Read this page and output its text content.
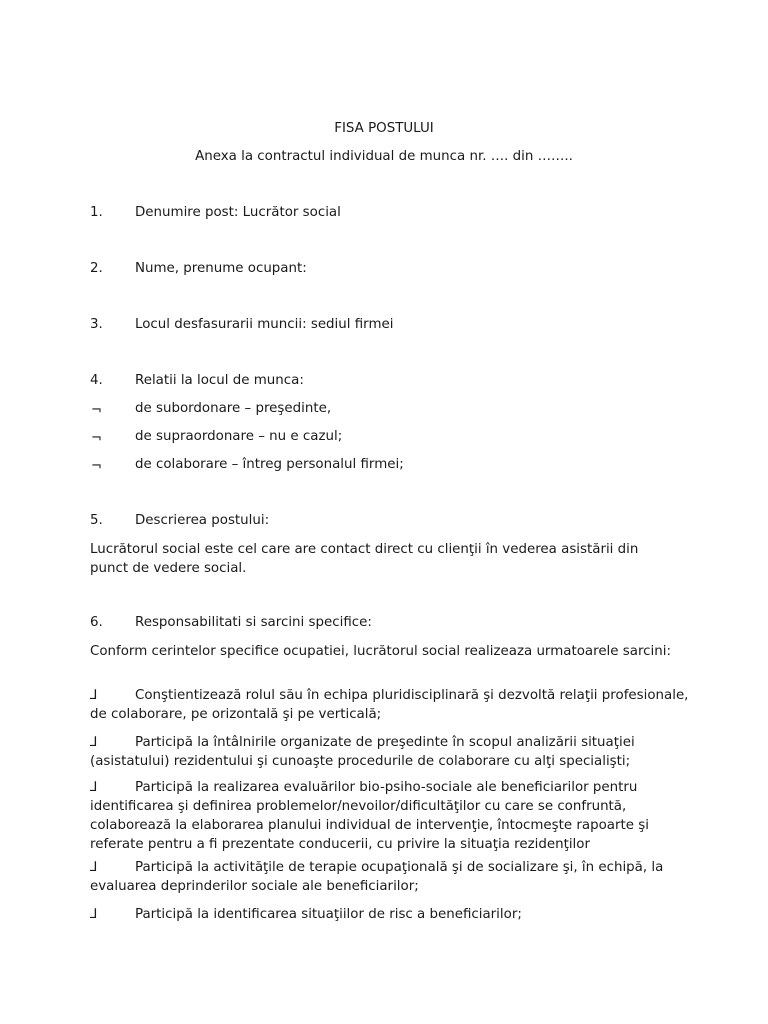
FISA POSTULUI
Anexa la contractul individual de munca nr. …. din ……..
1. Denumire post: Lucrător social
2. Nume, prenume ocupant:
3. Locul desfasurarii muncii: sediul firmei
4. Relatii la locul de munca:
¬ de subordonare – preşedinte,
¬ de supraordonare – nu e cazul;
¬ de colaborare – întreg personalul firmei;
5. Descrierea postului:
Lucrătorul social este cel care are contact direct cu clienţii în vederea asistării din punct de vedere social.
6. Responsabilitati si sarcini specifice:
Conform cerintelor specifice ocupatiei, lucrătorul social realizeaza urmatoarele sarcini:
⅃	Conştientizează rolul său în echipa pluridisciplinară şi dezvoltă relaţii profesionale, de colaborare, pe orizontală şi pe verticală;
⅃	Participă la întâlnirile organizate de preşedinte în scopul analizării situaţiei (asistatului) rezidentului şi cunoaşte procedurile de colaborare cu alţi specialişti;
⅃	Participă la realizarea evaluărilor bio-psiho-sociale ale beneficiarilor pentru identificarea şi definirea problemelor/nevoilor/dificultăţilor cu care se confruntă, colaborează la elaborarea planului individual de intervenţie, întocmeşte rapoarte şi referate pentru a fi prezentate conducerii, cu privire la situaţia rezidenţilor
⅃	Participă la activităţile de terapie ocupaţională şi de socializare şi, în echipă, la evaluarea deprinderilor sociale ale beneficiarilor;
⅃	Participă la identificarea situaţiilor de risc a beneficiarilor;
